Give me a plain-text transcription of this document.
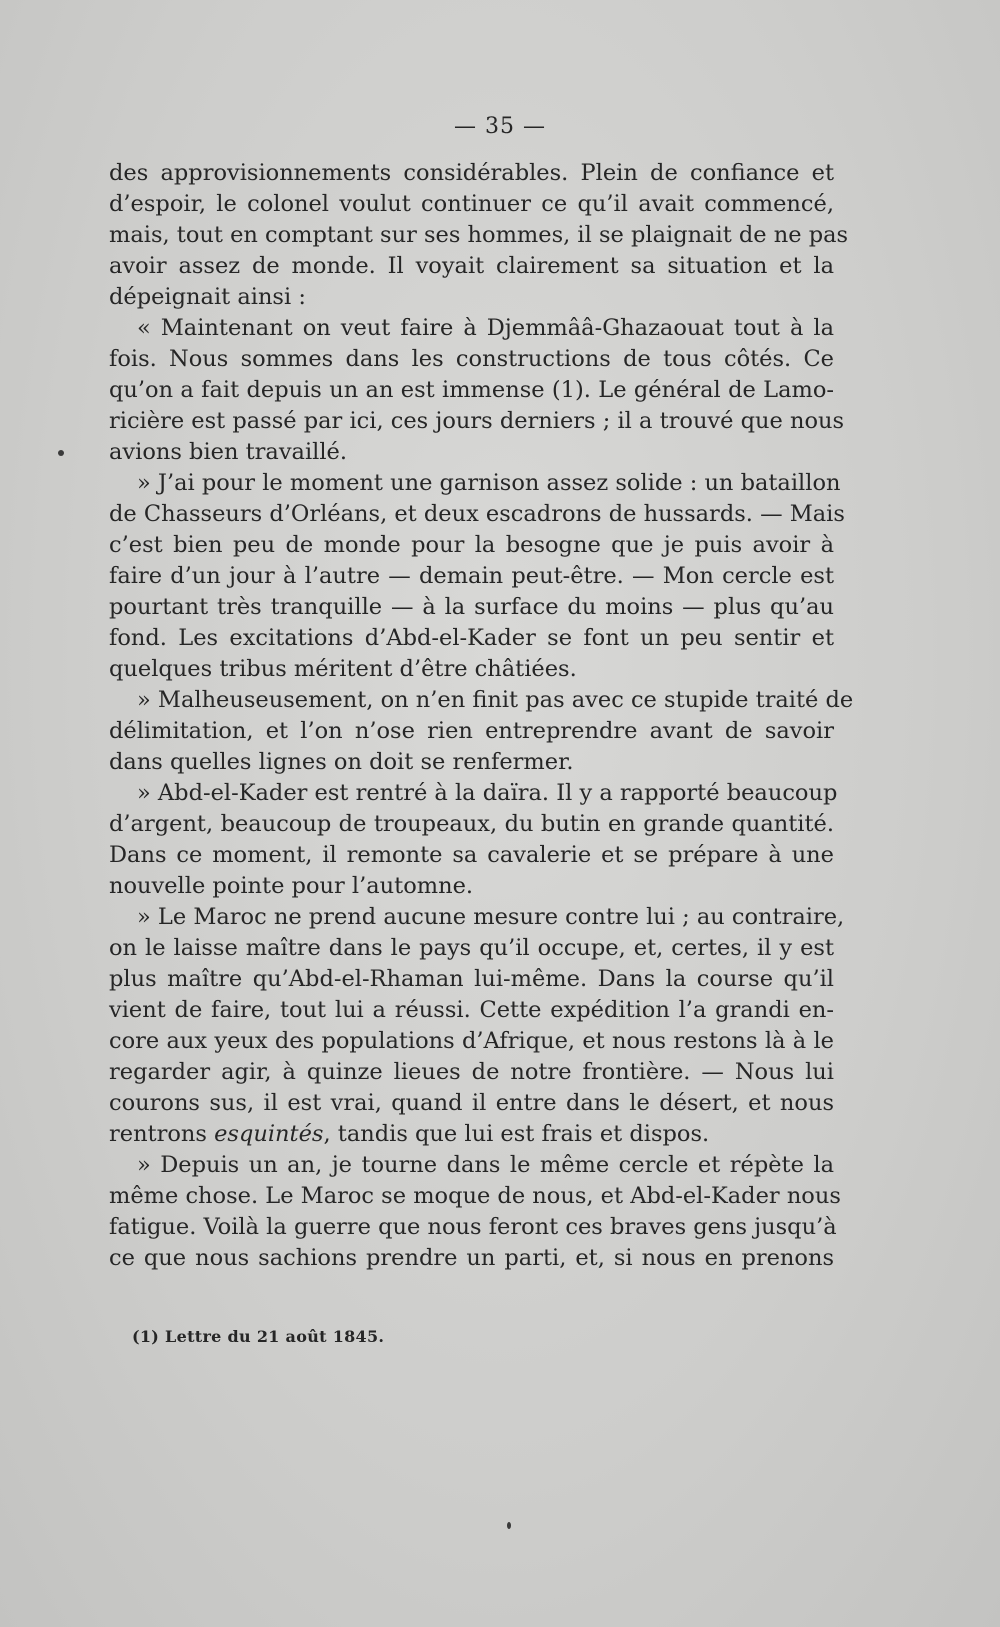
— 35 —
des approvisionnements considérables. Plein de confiance et
d’espoir, le colonel voulut continuer ce qu’il avait commencé,
mais, tout en comptant sur ses hommes, il se plaignait de ne pas
avoir assez de monde. Il voyait clairement sa situation et la
dépeignait ainsi :
« Maintenant on veut faire à Djemmââ-Ghazaouat tout à la
fois. Nous sommes dans les constructions de tous côtés. Ce
qu’on a fait depuis un an est immense (1). Le général de Lamo-
ricière est passé par ici, ces jours derniers ; il a trouvé que nous
avions bien travaillé.
» J’ai pour le moment une garnison assez solide : un bataillon
de Chasseurs d’Orléans, et deux escadrons de hussards. — Mais
c’est bien peu de monde pour la besogne que je puis avoir à
faire d’un jour à l’autre — demain peut-être. — Mon cercle est
pourtant très tranquille — à la surface du moins — plus qu’au
fond. Les excitations d’Abd-el-Kader se font un peu sentir et
quelques tribus méritent d’être châtiées.
» Malheuseusement, on n’en finit pas avec ce stupide traité de
délimitation, et l’on n’ose rien entreprendre avant de savoir
dans quelles lignes on doit se renfermer.
» Abd-el-Kader est rentré à la daïra. Il y a rapporté beaucoup
d’argent, beaucoup de troupeaux, du butin en grande quantité.
Dans ce moment, il remonte sa cavalerie et se prépare à une
nouvelle pointe pour l’automne.
» Le Maroc ne prend aucune mesure contre lui ; au contraire,
on le laisse maître dans le pays qu’il occupe, et, certes, il y est
plus maître qu’Abd-el-Rhaman lui-même. Dans la course qu’il
vient de faire, tout lui a réussi. Cette expédition l’a grandi en-
core aux yeux des populations d’Afrique, et nous restons là à le
regarder agir, à quinze lieues de notre frontière. — Nous lui
courons sus, il est vrai, quand il entre dans le désert, et nous
rentrons esquintés, tandis que lui est frais et dispos.
» Depuis un an, je tourne dans le même cercle et répète la
même chose. Le Maroc se moque de nous, et Abd-el-Kader nous
fatigue. Voilà la guerre que nous feront ces braves gens jusqu’à
ce que nous sachions prendre un parti, et, si nous en prenons
(1) Lettre du 21 août 1845.
